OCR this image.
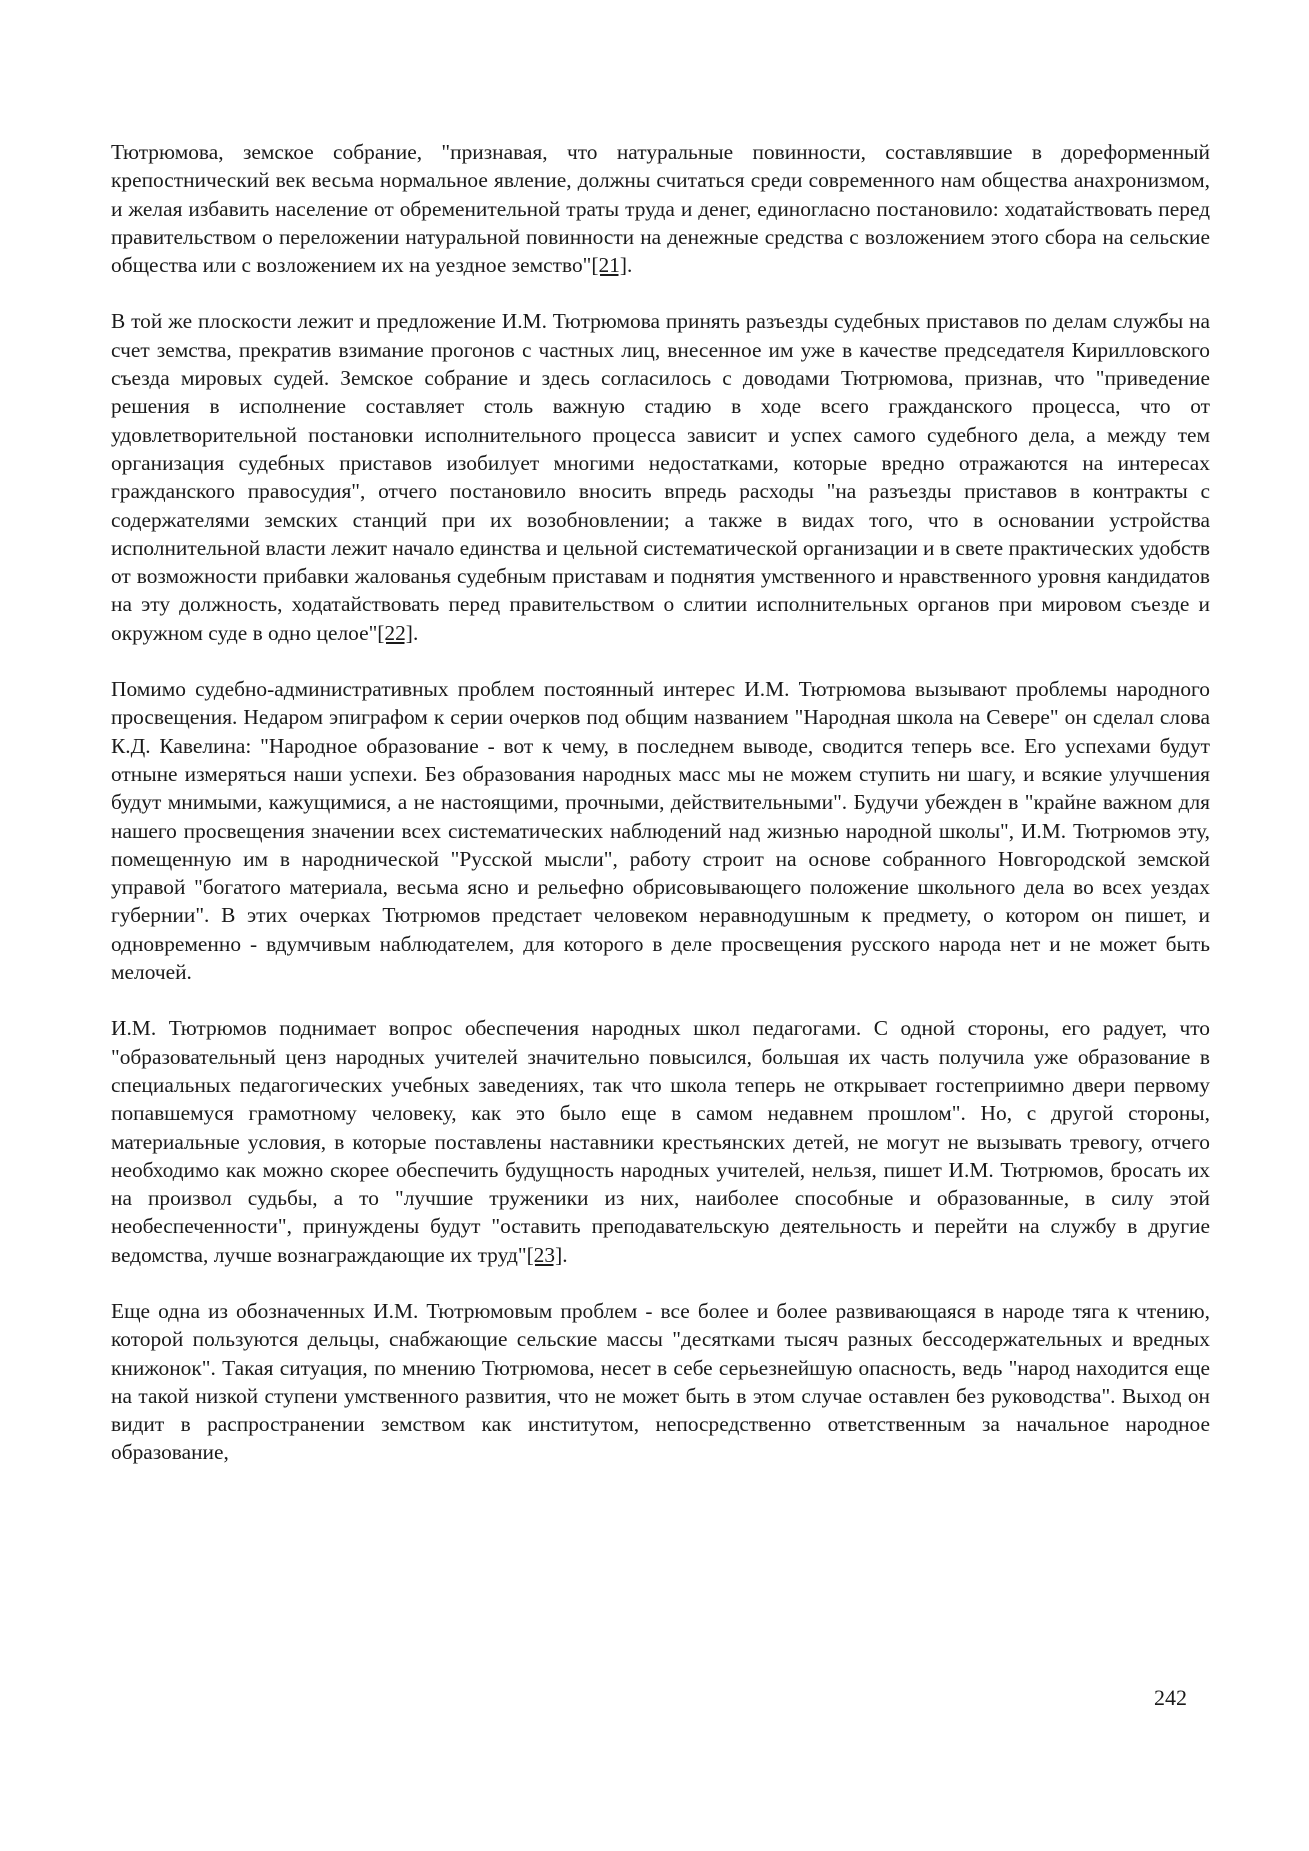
Тютрюмова, земское собрание, "признавая, что натуральные повинности, составлявшие в дореформенный крепостнический век весьма нормальное явление, должны считаться среди современного нам общества анахронизмом, и желая избавить население от обременительной траты труда и денег, единогласно постановило: ходатайствовать перед правительством о переложении натуральной повинности на денежные средства с возложением этого сбора на сельские общества или с возложением их на уездное земство"[21].

В той же плоскости лежит и предложение И.М. Тютрюмова принять разъезды судебных приставов по делам службы на счет земства, прекратив взимание прогонов с частных лиц, внесенное им уже в качестве председателя Кирилловского съезда мировых судей. Земское собрание и здесь согласилось с доводами Тютрюмова, признав, что "приведение решения в исполнение составляет столь важную стадию в ходе всего гражданского процесса, что от удовлетворительной постановки исполнительного процесса зависит и успех самого судебного дела, а между тем организация судебных приставов изобилует многими недостатками, которые вредно отражаются на интересах гражданского правосудия", отчего постановило вносить впредь расходы "на разъезды приставов в контракты с содержателями земских станций при их возобновлении; а также в видах того, что в основании устройства исполнительной власти лежит начало единства и цельной систематической организации и в свете практических удобств от возможности прибавки жалованья судебным приставам и поднятия умственного и нравственного уровня кандидатов на эту должность, ходатайствовать перед правительством о слитии исполнительных органов при мировом съезде и окружном суде в одно целое"[22].

Помимо судебно-административных проблем постоянный интерес И.М. Тютрюмова вызывают проблемы народного просвещения. Недаром эпиграфом к серии очерков под общим названием "Народная школа на Севере" он сделал слова К.Д. Кавелина: "Народное образование - вот к чему, в последнем выводе, сводится теперь все. Его успехами будут отныне измеряться наши успехи. Без образования народных масс мы не можем ступить ни шагу, и всякие улучшения будут мнимыми, кажущимися, а не настоящими, прочными, действительными". Будучи убежден в "крайне важном для нашего просвещения значении всех систематических наблюдений над жизнью народной школы", И.М. Тютрюмов эту, помещенную им в народнической "Русской мысли", работу строит на основе собранного Новгородской земской управой "богатого материала, весьма ясно и рельефно обрисовывающего положение школьного дела во всех уездах губернии". В этих очерках Тютрюмов предстает человеком неравнодушным к предмету, о котором он пишет, и одновременно - вдумчивым наблюдателем, для которого в деле просвещения русского народа нет и не может быть мелочей.

И.М. Тютрюмов поднимает вопрос обеспечения народных школ педагогами. С одной стороны, его радует, что "образовательный ценз народных учителей значительно повысился, большая их часть получила уже образование в специальных педагогических учебных заведениях, так что школа теперь не открывает гостеприимно двери первому попавшемуся грамотному человеку, как это было еще в самом недавнем прошлом". Но, с другой стороны, материальные условия, в которые поставлены наставники крестьянских детей, не могут не вызывать тревогу, отчего необходимо как можно скорее обеспечить будущность народных учителей, нельзя, пишет И.М. Тютрюмов, бросать их на произвол судьбы, а то "лучшие труженики из них, наиболее способные и образованные, в силу этой необеспеченности", принуждены будут "оставить преподавательскую деятельность и перейти на службу в другие ведомства, лучше вознаграждающие их труд"[23].

Еще одна из обозначенных И.М. Тютрюмовым проблем - все более и более развивающаяся в народе тяга к чтению, которой пользуются дельцы, снабжающие сельские массы "десятками тысяч разных бессодержательных и вредных книжонок". Такая ситуация, по мнению Тютрюмова, несет в себе серьезнейшую опасность, ведь "народ находится еще на такой низкой ступени умственного развития, что не может быть в этом случае оставлен без руководства". Выход он видит в распространении земством как институтом, непосредственно ответственным за начальное народное образование,

242
